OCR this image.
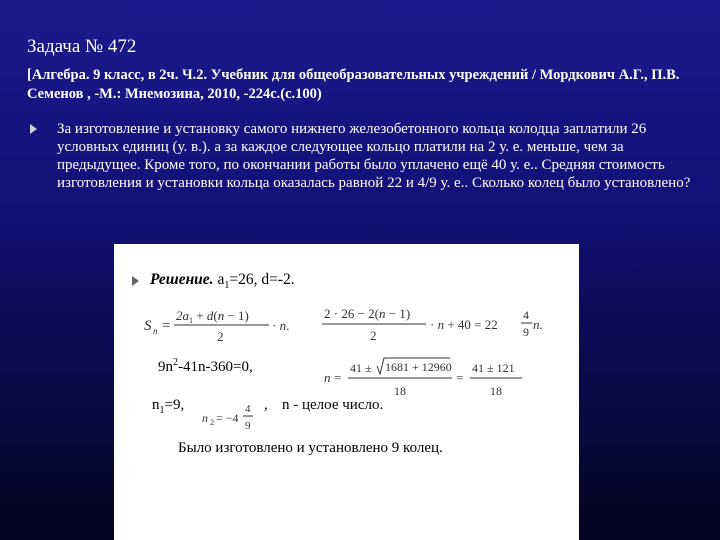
Задача № 472
[Алгебра. 9 класс, в 2ч. Ч.2. Учебник для общеобразовательных учреждений / Мордкович А.Г., П.В. Семенов , -М.: Мнемозина, 2010, -224с.(с.100)
За изготовление и установку самого нижнего железобетонного кольца колодца заплатили 26 условных единиц (у. в.). а за каждое следующее кольцо платили на 2 у. е. меньше, чем за предыдущее. Кроме того, по окончании работы было уплачено ещё 40 у. е.. Средняя стоимость изготовления и установки кольца оказалась равной 22 и 4/9 у. е.. Сколько колец было установлено?
Решение. $a_1=26$, d=-2.
S n =
$2a_1 + d(n - 1)$
2
· n.
2 · 26 − 2(n − 1)
2
· n + 40 = 22
4
9 n.
$9n^2-41n-360=0$,
n =
41 ± 1681 + 12960
18
=
41 ± 121
18
$n_1=9$,
n 2 = −4
4
9
, n - целое число.
Было изготовлено и установлено 9 колец.
